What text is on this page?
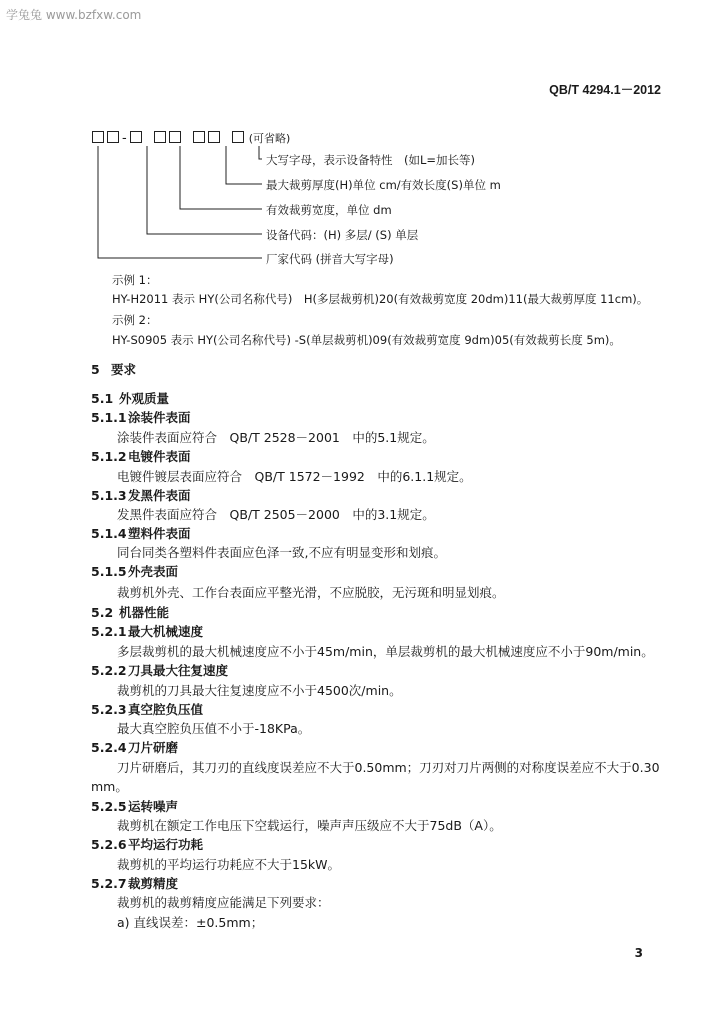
学兔兔 www.bzfxw.com
QB/T 4294.1－2012
-	(可省略)
大写字母，表示设备特性　(如L=加长等)
最大裁剪厚度(H)单位 cm/有效长度(S)单位 m
有效裁剪宽度，单位 dm
设备代码：(H) 多层/ (S) 单层
厂家代码 (拼音大写字母)
示例 1：
HY-H2011 表示 HY(公司名称代号)　H(多层裁剪机)20(有效裁剪宽度 20dm)11(最大裁剪厚度 11cm)。
示例 2：
HY-S0905 表示 HY(公司名称代号) -S(单层裁剪机)09(有效裁剪宽度 9dm)05(有效裁剪长度 5m)。
5 要求
5.1 外观质量
5.1.1涂装件表面
涂装件表面应符合　QB/T 2528－2001　中的5.1规定。
5.1.2电镀件表面
电镀件镀层表面应符合　QB/T 1572－1992　中的6.1.1规定。
5.1.3发黑件表面
发黑件表面应符合　QB/T 2505－2000　中的3.1规定。
5.1.4塑料件表面
同台同类各塑料件表面应色泽一致,不应有明显变形和划痕。
5.1.5外壳表面
裁剪机外壳、工作台表面应平整光滑，不应脱胶，无污斑和明显划痕。
5.2 机器性能
5.2.1最大机械速度
多层裁剪机的最大机械速度应不小于45m/min，单层裁剪机的最大机械速度应不小于90m/min。
5.2.2刀具最大往复速度
裁剪机的刀具最大往复速度应不小于4500次/min。
5.2.3真空腔负压值
最大真空腔负压值不小于-18KPa。
5.2.4刀片研磨
刀片研磨后，其刀刃的直线度误差应不大于0.50mm；刀刃对刀片两侧的对称度误差应不大于0.30
mm。
5.2.5运转噪声
裁剪机在额定工作电压下空载运行，噪声声压级应不大于75dB（A）。
5.2.6平均运行功耗
裁剪机的平均运行功耗应不大于15kW。
5.2.7裁剪精度
裁剪机的裁剪精度应能满足下列要求：
a) 直线误差：±0.5mm；
3
